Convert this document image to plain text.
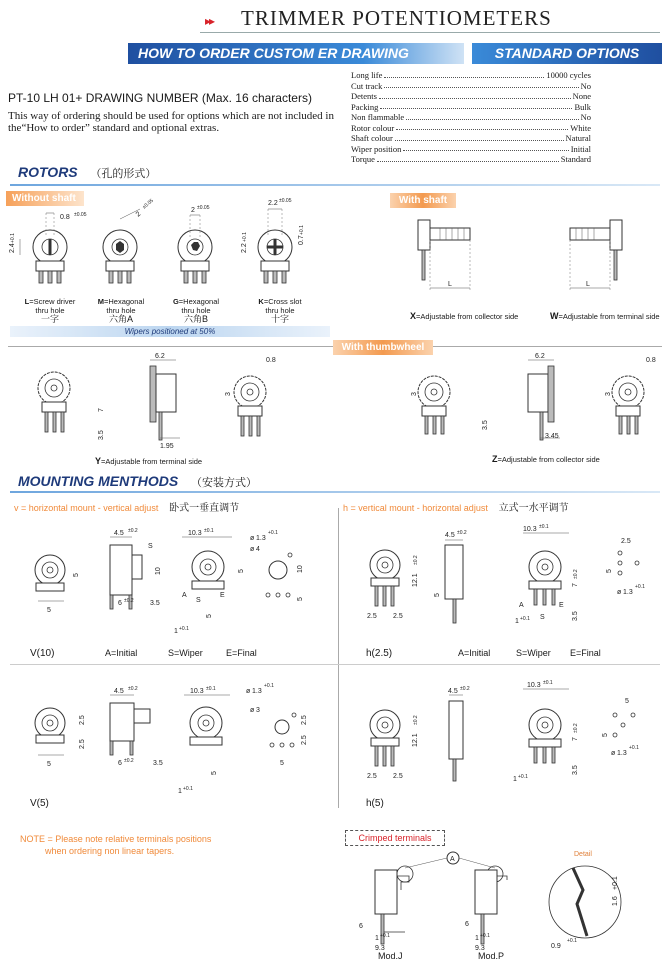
▸▸ TRIMMER POTENTIOMETERS
HOW TO ORDER CUSTOM ER DRAWING	STANDARD OPTIONS
PT-10 LH 01+ DRAWING NUMBER (Max. 16 characters)
This way of ordering should be used for options which are not included in the“How to order” standard and optional extras.
Long life	10000 cycles
Cut track	No
Detents	None
Packing	Bulk
Non flammable	No
Rotor colour	White
Shaft colour	Natural
Wiper position	Initial
Torque	Standard
ROTORS （孔的形式）
Without shaft	With shaft
0.8 ±0.05
2.4
+0.1
2
±0.05	2 ±0.05
2.2 ±0.05
2.2
+0.1	0.7
+0.1
L=Screw driver
thru hole
一字
M=Hexagonal
thru hole
六角A
G=Hexagonal
thru hole
六角B
K=Cross slot
thru hole
十字
Wipers positioned at 50%
L	L
X=Adjustable from collector side	W=Adjustable from terminal side
With thumbwheel
6.2
7
3.5
1.95
0.8
3	3
6.2
3.5
3.45
0.8
3
Y=Adjustable from terminal side	Z=Adjustable from collector side
MOUNTING MENTHODS （安装方式）
v = horizontal mount - vertical adjust 卧式一垂直调节	h = vertical mount - horizontal adjust 立式一水平调节
5
5
4.5 ±0.2
S
10
6 ±0.2 3.5
10.3 ±0.1
A
S
E
5
5
1 +0.1
ø 1.3
+0.1
ø 4
10
5
V(10)	A=Initial	S=Wiper	E=Final
12.1
±0.2
2.5 2.5
4.5 ±0.2
5
10.3 ±0.1
7
±0.2
A
S
E
3.5
1 +0.1
2.5
5
ø 1.3
+0.1
h(2.5)	A=Initial	S=Wiper E=Final
5
2.5
2.5
4.5 ±0.2
6 ±0.2	3.5
10.3 ±0.1
5
1 +0.1
ø 1.3
+0.1
ø 3
2.5
2.5
5
V(5)
12.1
±0.2
2.5 2.5
4.5 ±0.2	10.3 ±0.1
7
±0.2
3.5
1 +0.1
5
5
ø 1.3
+0.1
h(5)
NOTE = Please note relative terminals positions
when ordering non linear tapers.
Crimped terminals
A
6
1 +0.1
9.3
6
1 +0.1
9.3
+0.1
1.6
0.9
+0.1
Detail
Mod.J	Mod.P
